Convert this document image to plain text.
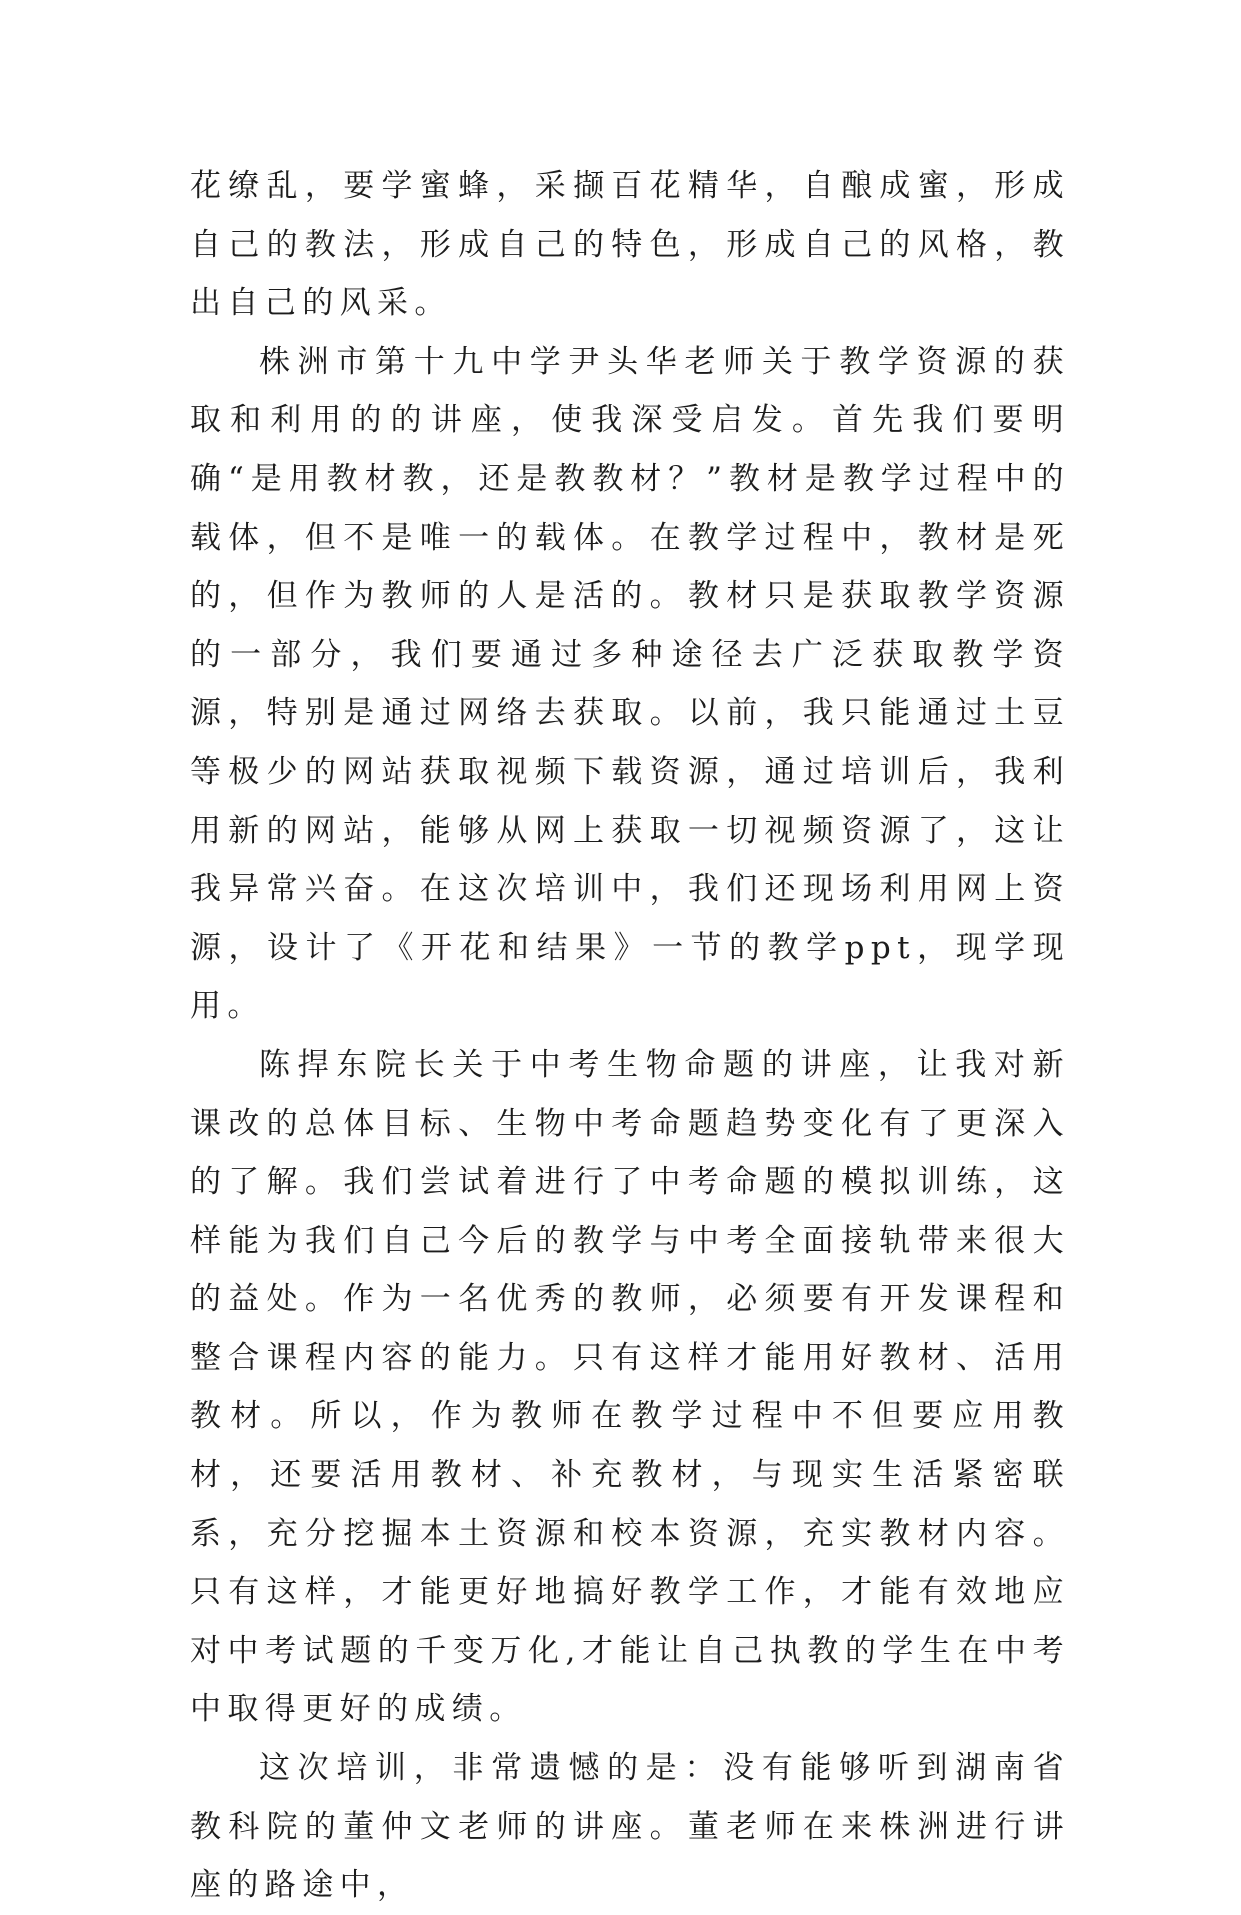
花缭乱，要学蜜蜂，采撷百花精华，自酿成蜜，形成自己的教法，形成自己的特色，形成自己的风格，教出自己的风采。

株洲市第十九中学尹头华老师关于教学资源的获取和利用的的讲座，使我深受启发。首先我们要明确“是用教材教，还是教教材？”教材是教学过程中的载体，但不是唯一的载体。在教学过程中，教材是死的，但作为教师的人是活的。教材只是获取教学资源的一部分，我们要通过多种途径去广泛获取教学资源，特别是通过网络去获取。以前，我只能通过土豆等极少的网站获取视频下载资源，通过培训后，我利用新的网站，能够从网上获取一切视频资源了，这让我异常兴奋。在这次培训中，我们还现场利用网上资源，设计了《开花和结果》一节的教学ppt，现学现用。

陈捍东院长关于中考生物命题的讲座，让我对新课改的总体目标、生物中考命题趋势变化有了更深入的了解。我们尝试着进行了中考命题的模拟训练，这样能为我们自己今后的教学与中考全面接轨带来很大的益处。作为一名优秀的教师，必须要有开发课程和整合课程内容的能力。只有这样才能用好教材、活用教材。所以，作为教师在教学过程中不但要应用教材，还要活用教材、补充教材，与现实生活紧密联系，充分挖掘本土资源和校本资源，充实教材内容。只有这样，才能更好地搞好教学工作，才能有效地应对中考试题的千变万化,才能让自己执教的学生在中考中取得更好的成绩。

这次培训，非常遗憾的是：没有能够听到湖南省教科院的董仲文老师的讲座。董老师在来株洲进行讲座的路途中，
